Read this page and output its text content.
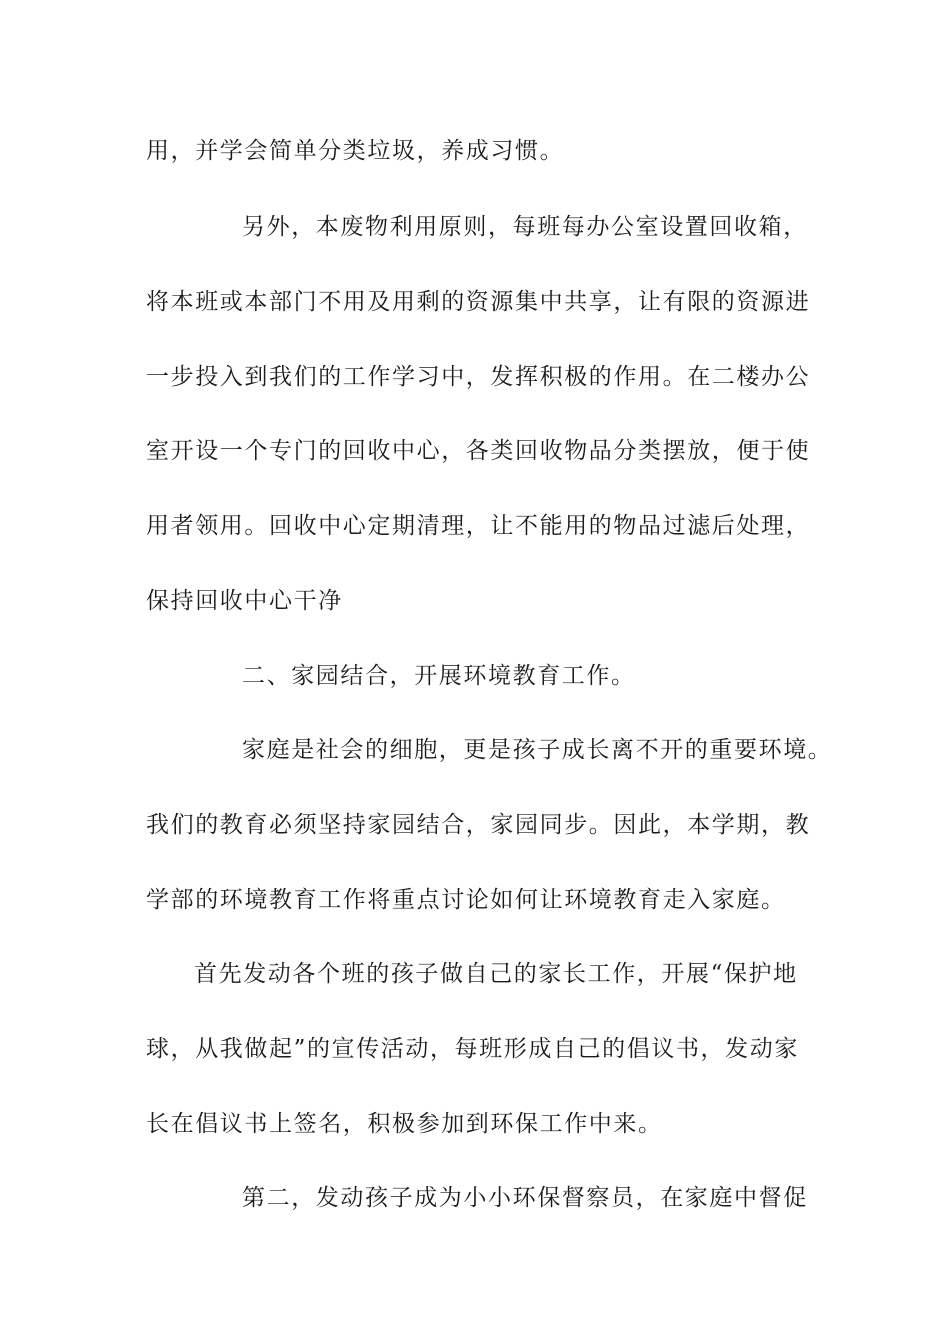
用，并学会简单分类垃圾，养成习惯。
另外，本废物利用原则，每班每办公室设置回收箱，
将本班或本部门不用及用剩的资源集中共享，让有限的资源进
一步投入到我们的工作学习中，发挥积极的作用。在二楼办公
室开设一个专门的回收中心，各类回收物品分类摆放，便于使
用者领用。回收中心定期清理，让不能用的物品过滤后处理，
保持回收中心干净
二、家园结合，开展环境教育工作。
家庭是社会的细胞，更是孩子成长离不开的重要环境。
我们的教育必须坚持家园结合，家园同步。因此，本学期，教
学部的环境教育工作将重点讨论如何让环境教育走入家庭。
首先发动各个班的孩子做自己的家长工作，开展“保护地
球，从我做起”的宣传活动，每班形成自己的倡议书，发动家
长在倡议书上签名，积极参加到环保工作中来。
第二，发动孩子成为小小环保督察员，在家庭中督促
